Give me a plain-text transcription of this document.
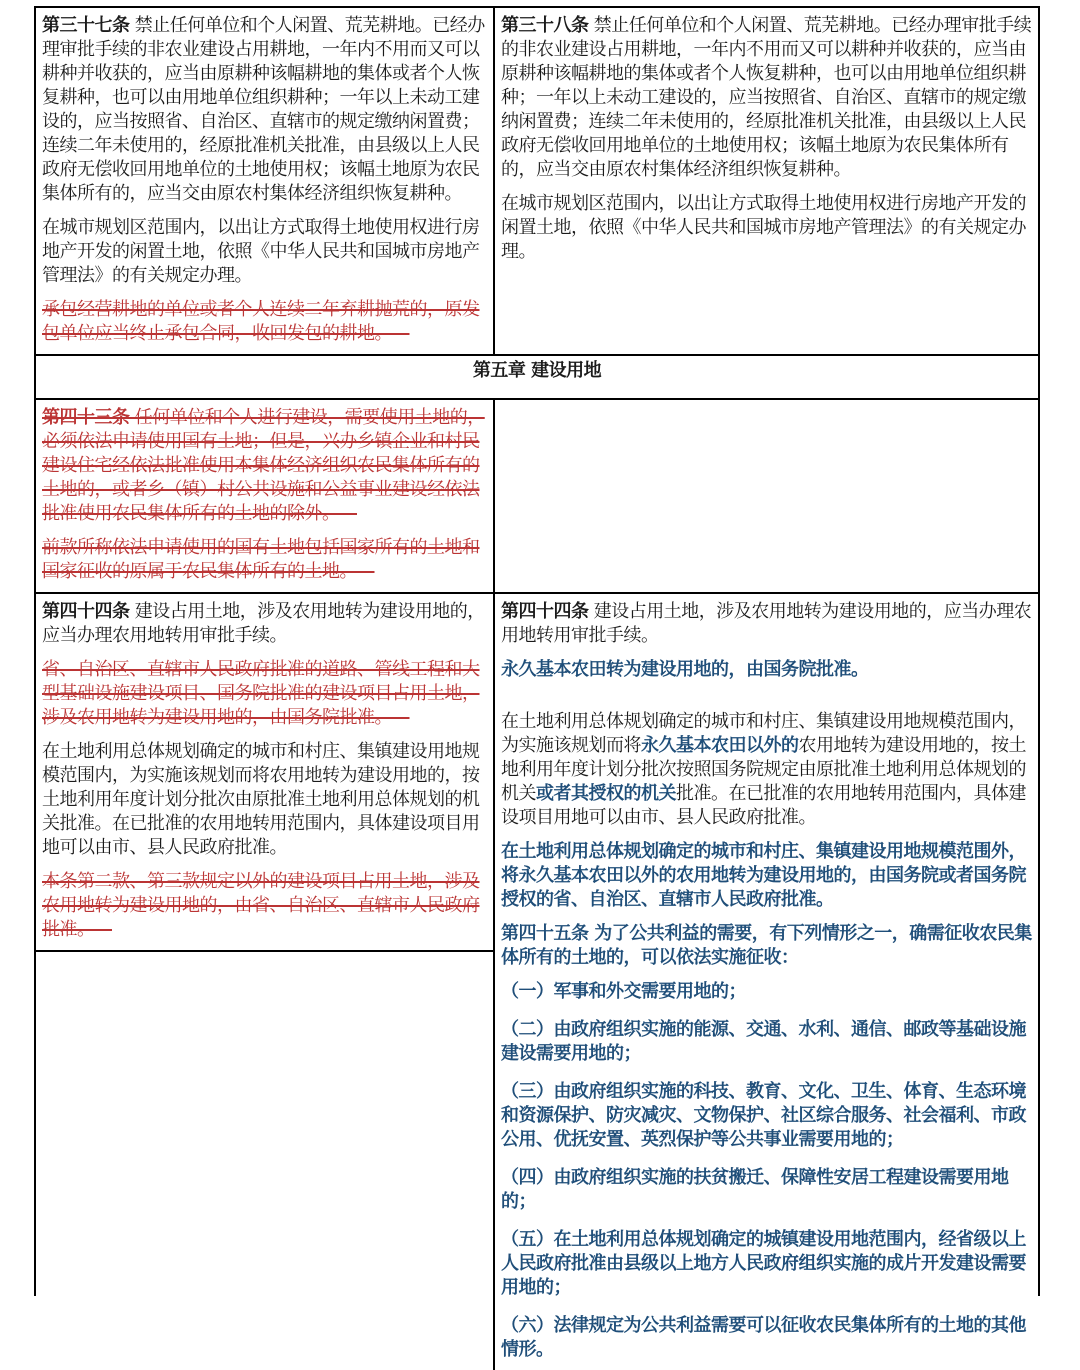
第三十七条 禁止任何单位和个人闲置、荒芜耕地。已经办理审批手续的非农业建设占用耕地，一年内不用而又可以耕种并收获的，应当由原耕种该幅耕地的集体或者个人恢复耕种，也可以由用地单位组织耕种；一年以上未动工建设的，应当按照省、自治区、直辖市的规定缴纳闲置费；连续二年未使用的，经原批准机关批准，由县级以上人民政府无偿收回用地单位的土地使用权；该幅土地原为农民集体所有的，应当交由原农村集体经济组织恢复耕种。

在城市规划区范围内，以出让方式取得土地使用权进行房地产开发的闲置土地，依照《中华人民共和国城市房地产管理法》的有关规定办理。

承包经营耕地的单位或者个人连续二年弃耕抛荒的，原发包单位应当终止承包合同，收回发包的耕地。 —

第三十八条 禁止任何单位和个人闲置、荒芜耕地。已经办理审批手续的非农业建设占用耕地，一年内不用而又可以耕种并收获的，应当由原耕种该幅耕地的集体或者个人恢复耕种，也可以由用地单位组织耕种；一年以上未动工建设的，应当按照省、自治区、直辖市的规定缴纳闲置费；连续二年未使用的，经原批准机关批准，由县级以上人民政府无偿收回用地单位的土地使用权；该幅土地原为农民集体所有的，应当交由原农村集体经济组织恢复耕种。

在城市规划区范围内，以出让方式取得土地使用权进行房地产开发的闲置土地，依照《中华人民共和国城市房地产管理法》的有关规定办理。

第五章 建设用地

第四十三条 任何单位和个人进行建设，需要使用土地的，必须依法申请使用国有土地；但是，兴办乡镇企业和村民建设住宅经依法批准使用本集体经济组织农民集体所有的土地的，或者乡（镇）村公共设施和公益事业建设经依法批准使用农民集体所有的土地的除外。 —

前款所称依法申请使用的国有土地包括国家所有的土地和国家征收的原属于农民集体所有的土地。 —

第四十四条 建设占用土地，涉及农用地转为建设用地的，应当办理农用地转用审批手续。

省、自治区、直辖市人民政府批准的道路、管线工程和大型基础设施建设项目、国务院批准的建设项目占用土地，涉及农用地转为建设用地的，由国务院批准。 —

在土地利用总体规划确定的城市和村庄、集镇建设用地规模范围内，为实施该规划而将农用地转为建设用地的，按土地利用年度计划分批次由原批准土地利用总体规划的机关批准。在已批准的农用地转用范围内，具体建设项目用地可以由市、县人民政府批准。

本条第二款、第三款规定以外的建设项目占用土地，涉及农用地转为建设用地的，由省、自治区、直辖市人民政府批准。 —

第四十四条 建设占用土地，涉及农用地转为建设用地的，应当办理农用地转用审批手续。

永久基本农田转为建设用地的，由国务院批准。

在土地利用总体规划确定的城市和村庄、集镇建设用地规模范围内，为实施该规划而将永久基本农田以外的农用地转为建设用地的，按土地利用年度计划分批次按照国务院规定由原批准土地利用总体规划的机关或者其授权的机关批准。在已批准的农用地转用范围内，具体建设项目用地可以由市、县人民政府批准。

在土地利用总体规划确定的城市和村庄、集镇建设用地规模范围外，将永久基本农田以外的农用地转为建设用地的，由国务院或者国务院授权的省、自治区、直辖市人民政府批准。

第四十五条 为了公共利益的需要，有下列情形之一，确需征收农民集体所有的土地的，可以依法实施征收：

（一）军事和外交需要用地的；

（二）由政府组织实施的能源、交通、水利、通信、邮政等基础设施建设需要用地的；

（三）由政府组织实施的科技、教育、文化、卫生、体育、生态环境和资源保护、防灾减灾、文物保护、社区综合服务、社会福利、市政公用、优抚安置、英烈保护等公共事业需要用地的；

（四）由政府组织实施的扶贫搬迁、保障性安居工程建设需要用地的；

（五）在土地利用总体规划确定的城镇建设用地范围内，经省级以上人民政府批准由县级以上地方人民政府组织实施的成片开发建设需要用地的；

（六）法律规定为公共利益需要可以征收农民集体所有的土地的其他情形。
